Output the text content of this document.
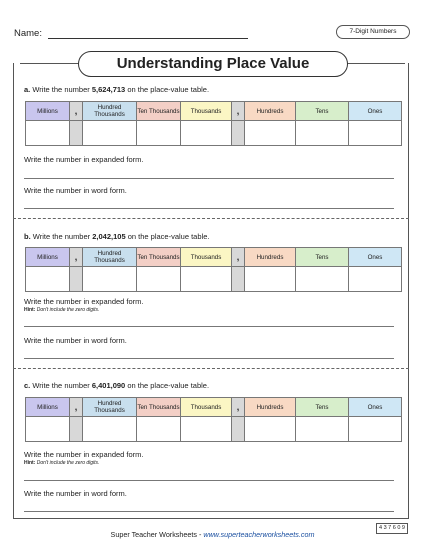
Name:	7-Digit Numbers
Understanding Place Value
a. Write the number 5,624,713 on the place-value table.
Millions	,	Hundred Thousands	Ten Thousands	Thousands	,	Hundreds	Tens	Ones

Write the number in expanded form.
Write the number in word form.
b. Write the number 2,042,105 on the place-value table.
Millions	,	Hundred Thousands	Ten Thousands	Thousands	,	Hundreds	Tens	Ones

Write the number in expanded form.
Hint: Don't include the zero digits.
Write the number in word form.
c. Write the number 6,401,090 on the place-value table.
Millions	,	Hundred Thousands	Ten Thousands	Thousands	,	Hundreds	Tens	Ones

Write the number in expanded form.
Hint: Don't include the zero digits.
Write the number in word form.
Super Teacher Worksheets - www.superteacherworksheets.com
4 3 7 6 0 9
